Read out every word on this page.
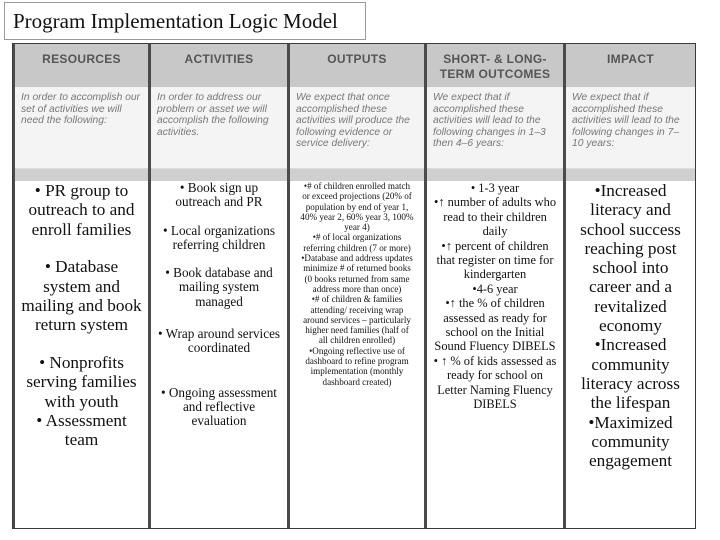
Program Implementation Logic Model
RESOURCES
In order to accomplish our set of activities we will need the following:
• PR group to outreach to and enroll families
• Database system and mailing and book return system
• Nonprofits serving families with youth
• Assessment team
ACTIVITIES
In order to address our problem or asset we will accomplish the following activities.
• Book sign up outreach and PR
• Local organizations referring children
• Book database and mailing system managed
• Wrap around services coordinated
• Ongoing assessment and reflective evaluation
OUTPUTS
We expect that once accomplished these activities will produce the following evidence or service delivery:
•# of children enrolled match or exceed projections (20% of population by end of year 1, 40% year 2, 60% year 3, 100% year 4)
•# of local organizations referring children (7 or more)
•Database and address updates minimize # of returned books (0 books returned from same address more than once)
•# of children & families attending/ receiving wrap around services – particularly higher need families (half of all children enrolled)
•Ongoing reflective use of dashboard to refine program implementation (monthly dashboard created)
SHORT- & LONG-TERM OUTCOMES
We expect that if accomplished these activities will lead to the following changes in 1–3 then 4–6 years:
• 1-3 year
•↑ number of adults who read to their children daily
•↑ percent of children that register on time for kindergarten
•4-6 year
•↑ the % of children assessed as ready for school on the Initial Sound Fluency DIBELS
• ↑ % of kids assessed as ready for school on Letter Naming Fluency DIBELS
IMPACT
We expect that if accomplished these activities will lead to the following changes in 7–10 years:
•Increased literacy and school success reaching post school into career and a revitalized economy
•Increased community literacy across the lifespan
•Maximized community engagement
